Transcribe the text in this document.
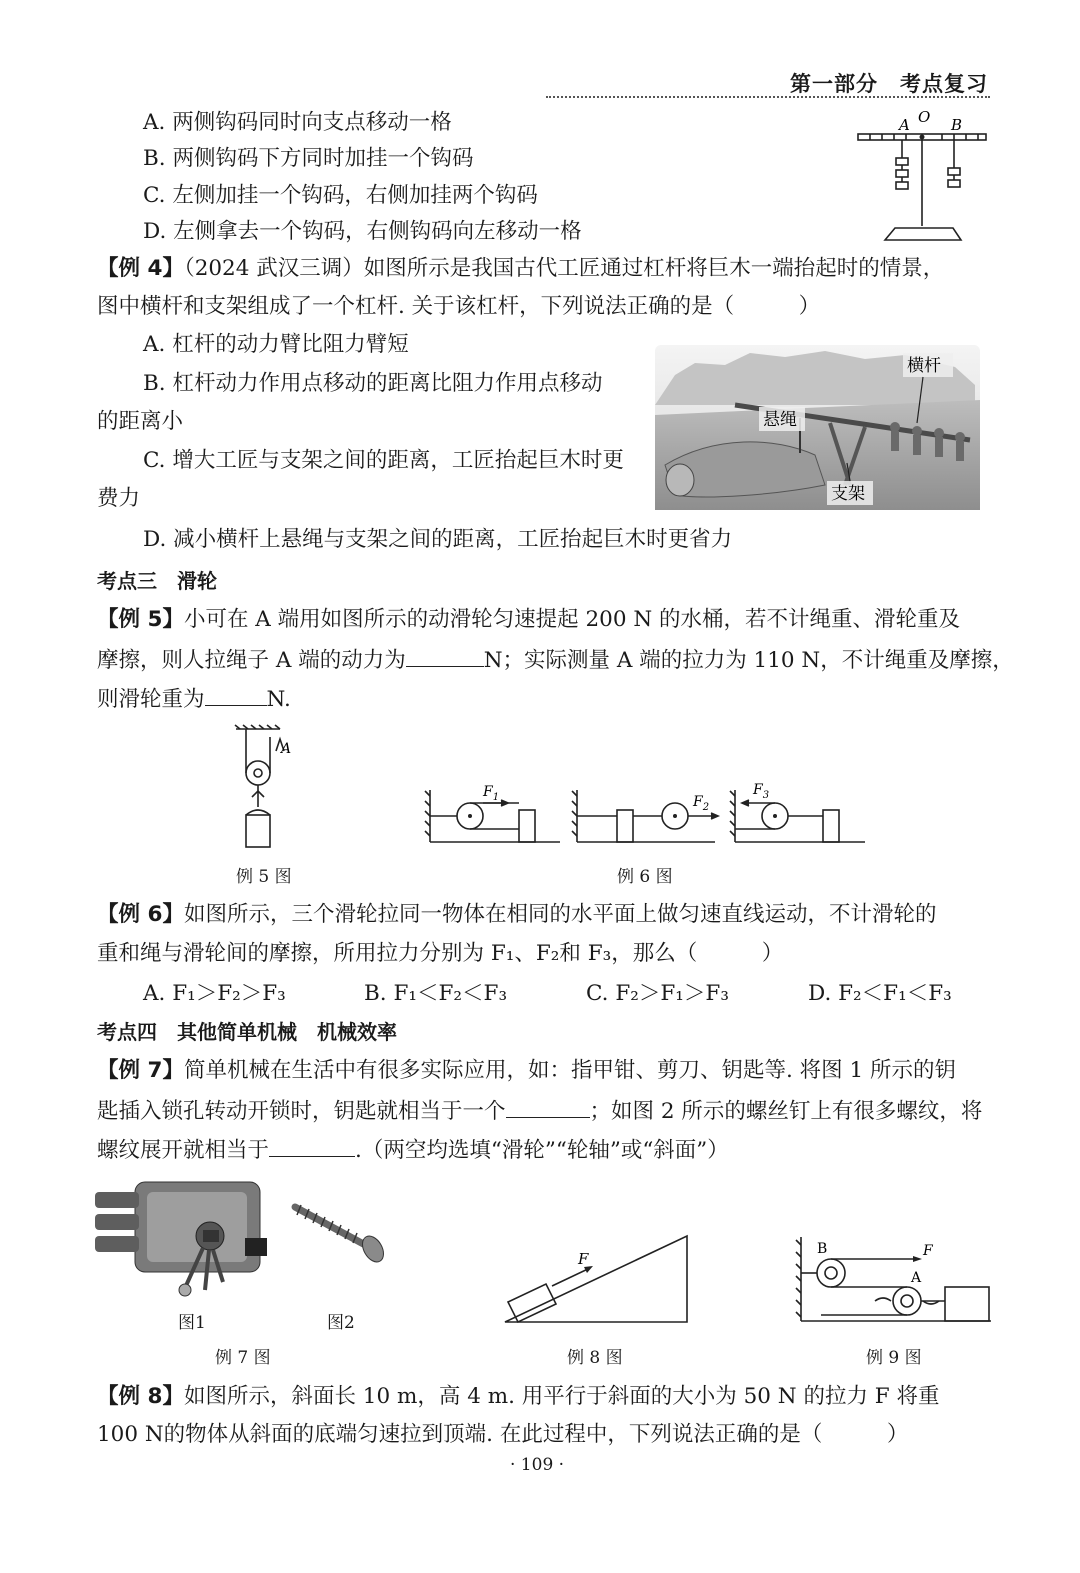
第一部分　考点复习
A. 两侧钩码同时向支点移动一格
B. 两侧钩码下方同时加挂一个钩码
C. 左侧加挂一个钩码，右侧加挂两个钩码
D. 左侧拿去一个钩码，右侧钩码向左移动一格
A O B
【例 4】（2024 武汉三调）如图所示是我国古代工匠通过杠杆将巨木一端抬起时的情景，
图中横杆和支架组成了一个杠杆. 关于该杠杆，下列说法正确的是（　　　）
A. 杠杆的动力臂比阻力臂短
B. 杠杆动力作用点移动的距离比阻力作用点移动
的距离小
C. 增大工匠与支架之间的距离，工匠抬起巨木时更
费力
D. 减小横杆上悬绳与支架之间的距离，工匠抬起巨木时更省力
横杆
悬绳
支架
考点三　滑轮
【例 5】小可在 A 端用如图所示的动滑轮匀速提起 200 N 的水桶，若不计绳重、滑轮重及
摩擦，则人拉绳子 A 端的动力为	N；实际测量 A 端的拉力为 110 N，不计绳重及摩擦，
则滑轮重为	N.
A
例 5 图
$F_1$	$F_2$
$F_3$
例 6 图
【例 6】如图所示，三个滑轮拉同一物体在相同的水平面上做匀速直线运动，不计滑轮的
重和绳与滑轮间的摩擦，所用拉力分别为 F₁、F₂和 F₃，那么（　　　）
A. F₁＞F₂＞F₃	B. F₁＜F₂＜F₃	C. F₂＞F₁＞F₃	D. F₂＜F₁＜F₃
考点四　其他简单机械　机械效率
【例 7】简单机械在生活中有很多实际应用，如：指甲钳、剪刀、钥匙等. 将图 1 所示的钥
匙插入锁孔转动开锁时，钥匙就相当于一个	；如图 2 所示的螺丝钉上有很多螺纹，将
螺纹展开就相当于	.（两空均选填“滑轮”“轮轴”或“斜面”）
图1	图2
例 7 图
F
例 8 图
B
A
F
例 9 图
【例 8】如图所示，斜面长 10 m，高 4 m. 用平行于斜面的大小为 50 N 的拉力 F 将重
100 N的物体从斜面的底端匀速拉到顶端. 在此过程中，下列说法正确的是（　　　）
· 109 ·
